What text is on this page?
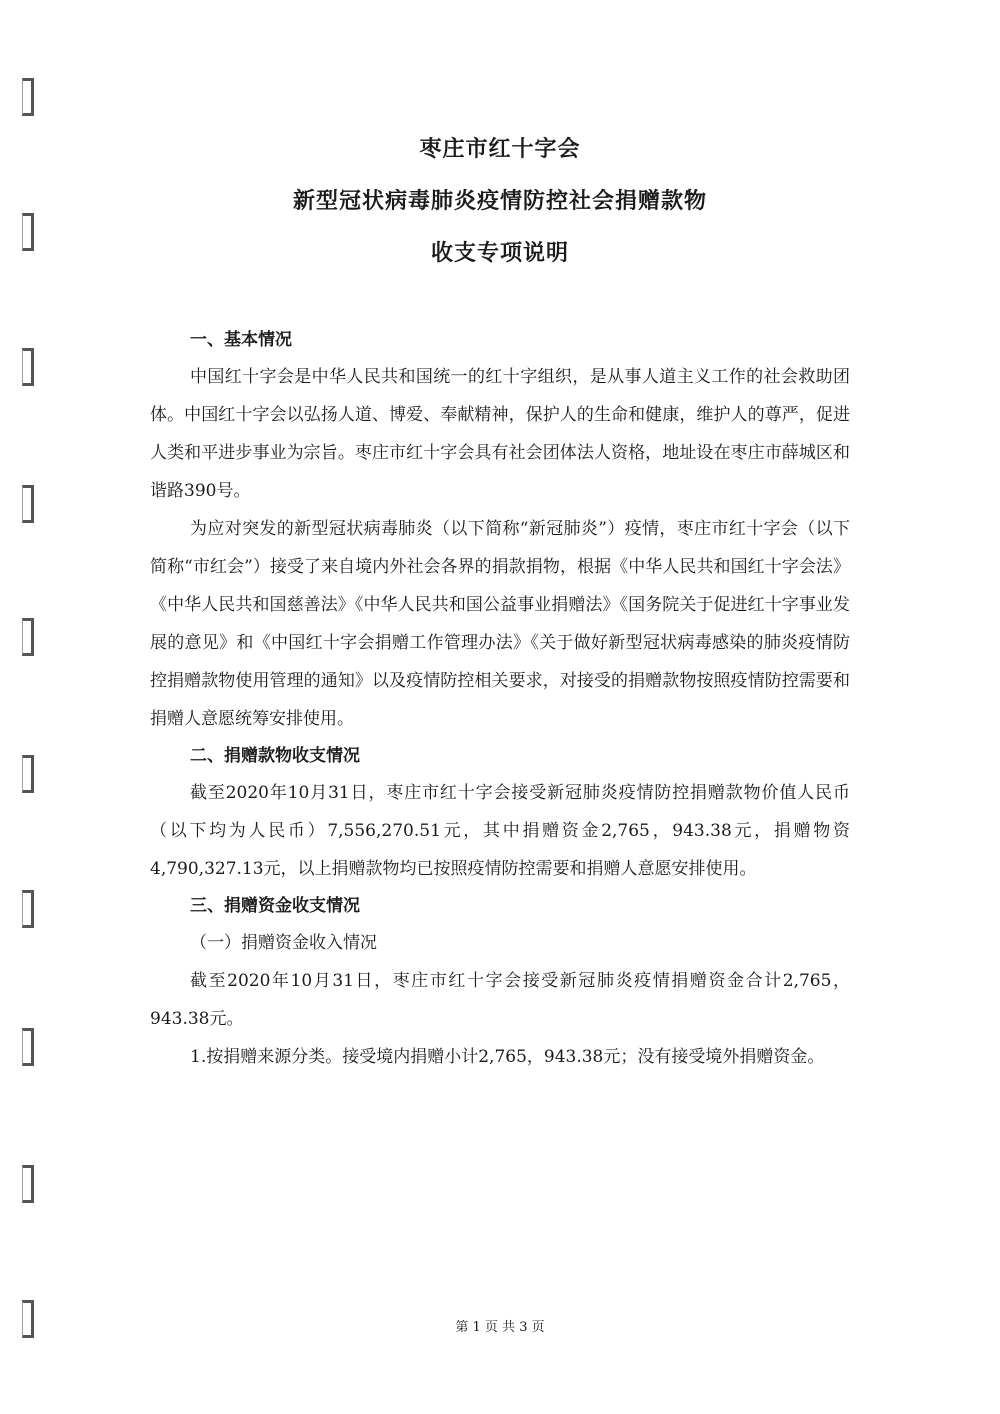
枣庄市红十字会
新型冠状病毒肺炎疫情防控社会捐赠款物
收支专项说明

一、基本情况

中国红十字会是中华人民共和国统一的红十字组织，是从事人道主义工作的社会救助团体。中国红十字会以弘扬人道、博爱、奉献精神，保护人的生命和健康，维护人的尊严，促进人类和平进步事业为宗旨。枣庄市红十字会具有社会团体法人资格，地址设在枣庄市薛城区和谐路390号。

为应对突发的新型冠状病毒肺炎（以下简称“新冠肺炎”）疫情，枣庄市红十字会（以下简称“市红会”）接受了来自境内外社会各界的捐款捐物，根据《中华人民共和国红十字会法》《中华人民共和国慈善法》《中华人民共和国公益事业捐赠法》《国务院关于促进红十字事业发展的意见》和《中国红十字会捐赠工作管理办法》《关于做好新型冠状病毒感染的肺炎疫情防控捐赠款物使用管理的通知》以及疫情防控相关要求，对接受的捐赠款物按照疫情防控需要和捐赠人意愿统筹安排使用。

二、捐赠款物收支情况

截至2020年10月31日，枣庄市红十字会接受新冠肺炎疫情防控捐赠款物价值人民币（以下均为人民币）7,556,270.51元，其中捐赠资金2,765，943.38元，捐赠物资4,790,327.13元，以上捐赠款物均已按照疫情防控需要和捐赠人意愿安排使用。

三、捐赠资金收支情况

（一）捐赠资金收入情况

截至2020年10月31日，枣庄市红十字会接受新冠肺炎疫情捐赠资金合计2,765，943.38元。

1.按捐赠来源分类。接受境内捐赠小计2,765，943.38元；没有接受境外捐赠资金。

第 1 页 共 3 页
